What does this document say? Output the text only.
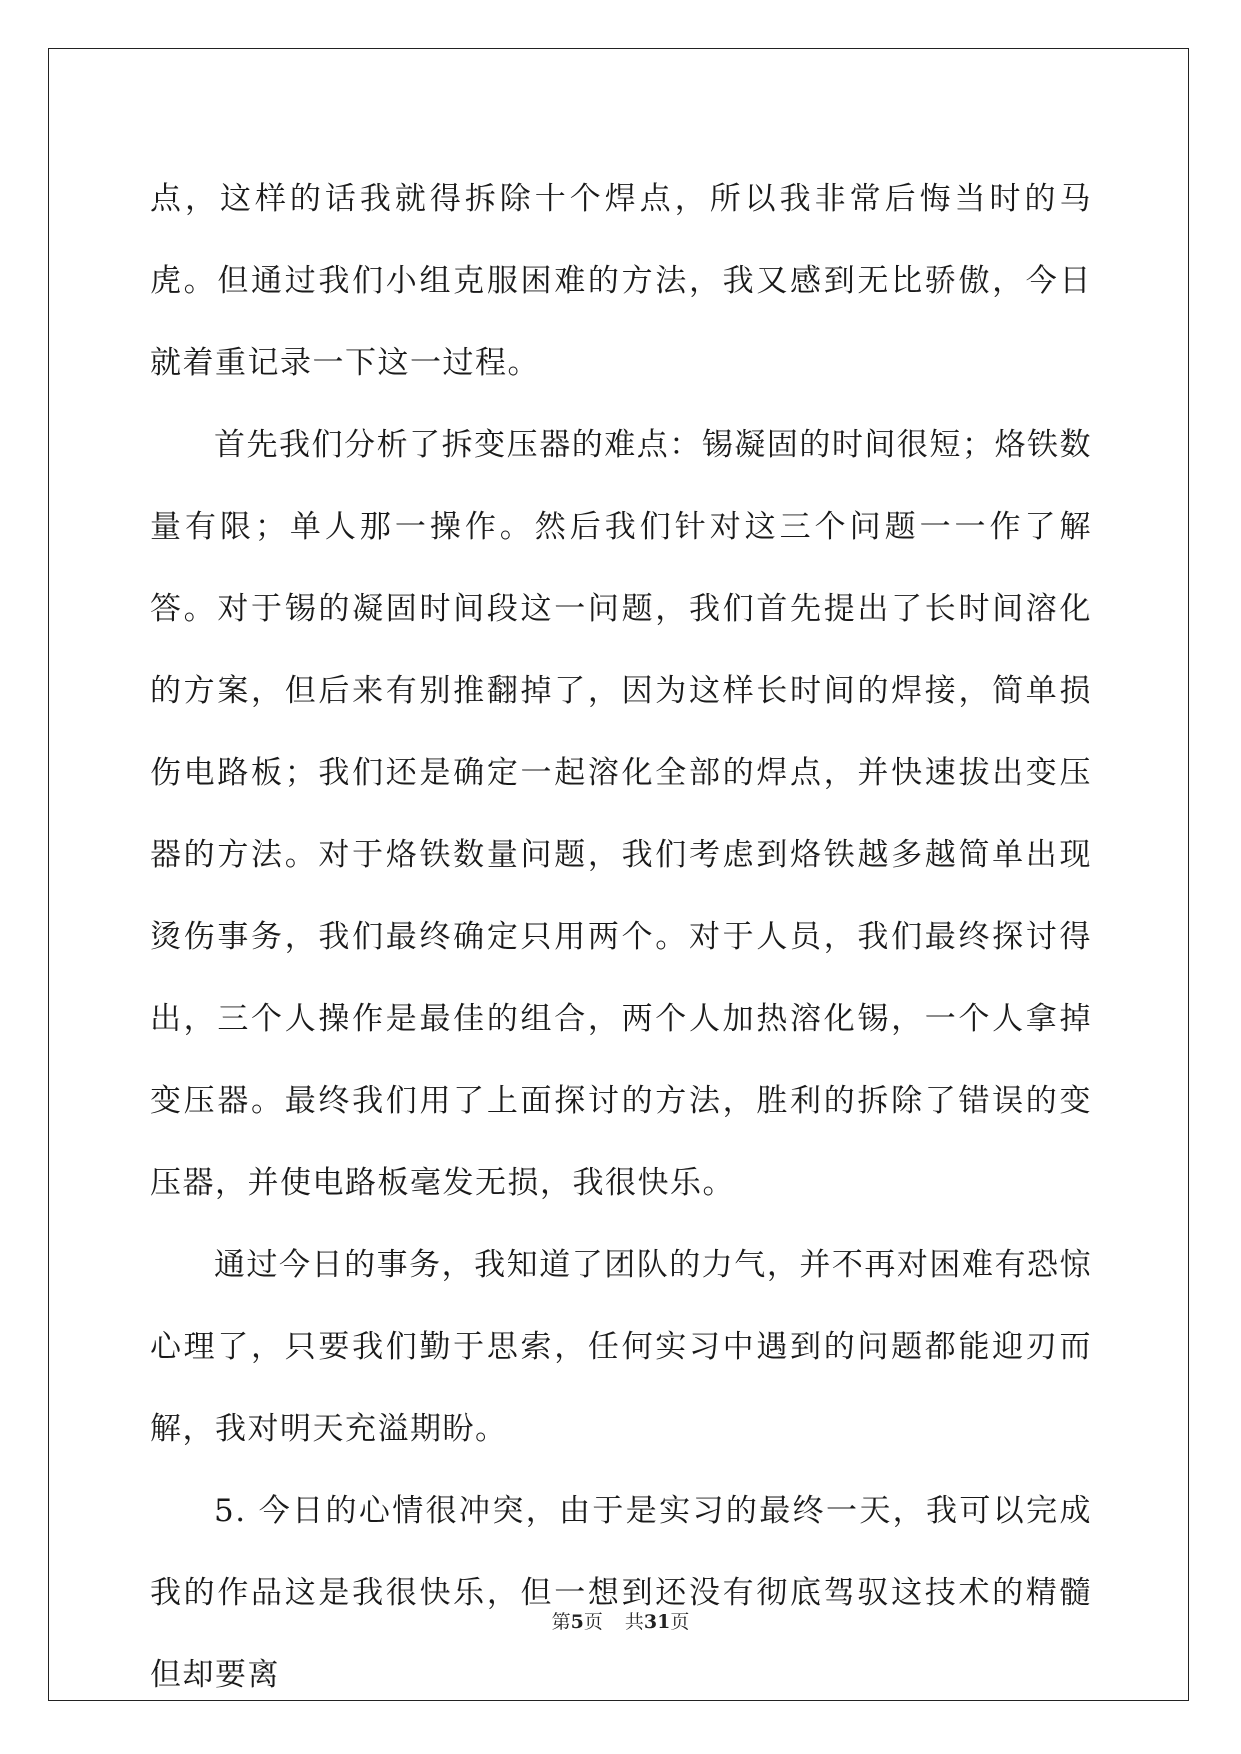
点，这样的话我就得拆除十个焊点，所以我非常后悔当时的马虎。但通过我们小组克服困难的方法，我又感到无比骄傲，今日就着重记录一下这一过程。

首先我们分析了拆变压器的难点：锡凝固的时间很短；烙铁数量有限；单人那一操作。然后我们针对这三个问题一一作了解答。对于锡的凝固时间段这一问题，我们首先提出了长时间溶化的方案，但后来有别推翻掉了，因为这样长时间的焊接，简单损伤电路板；我们还是确定一起溶化全部的焊点，并快速拔出变压器的方法。对于烙铁数量问题，我们考虑到烙铁越多越简单出现烫伤事务，我们最终确定只用两个。对于人员，我们最终探讨得出，三个人操作是最佳的组合，两个人加热溶化锡，一个人拿掉变压器。最终我们用了上面探讨的方法，胜利的拆除了错误的变压器，并使电路板毫发无损，我很快乐。

通过今日的事务，我知道了团队的力气，并不再对困难有恐惊心理了，只要我们勤于思索，任何实习中遇到的问题都能迎刃而解，我对明天充溢期盼。

5. 今日的心情很冲突，由于是实习的最终一天，我可以完成我的作品这是我很快乐，但一想到还没有彻底驾驭这技术的精髓但却要离

第5页 共31页
